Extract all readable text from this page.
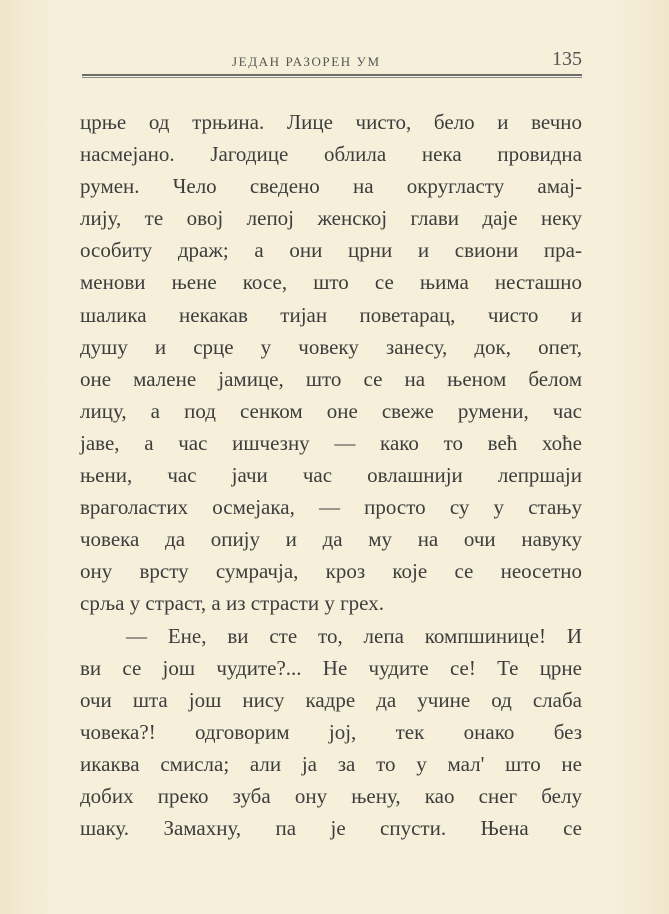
ЈЕДАН РАЗОРЕН УМ	135
црње од трњина. Лице чисто, бело и вечно
насмејано. Јагодице облила нека провидна
румен. Чело сведено на округласту амај-
лију, те овој лепој женској глави даје неку
особиту драж; а они црни и свиони пра-
менови њене косе, што се њима несташно
шалика некакав тијан поветарац, чисто и
душу и срце у човеку занесу, док, опет,
оне малене јамице, што се на њеном белом
лицу, а под сенком оне свеже румени, час
јаве, а час ишчезну — како то већ хоће
њени, час јачи час овлашнији лепршаји
враголастих осмејака, — просто су у стању
човека да опију и да му на очи навуку
ону врсту сумрачја, кроз које се неосетно
срља у страст, а из страсти у грех.
— Ене, ви сте то, лепа компшинице! И
ви се још чудите?... Не чудите се! Те црне
очи шта још нису кадре да учине од слаба
човека?! одговорим јој, тек онако без
икаква смисла; али ја за то у мал' што не
добих преко зуба ону њену, као снег белу
шаку. Замахну, па је спусти. Њена се
